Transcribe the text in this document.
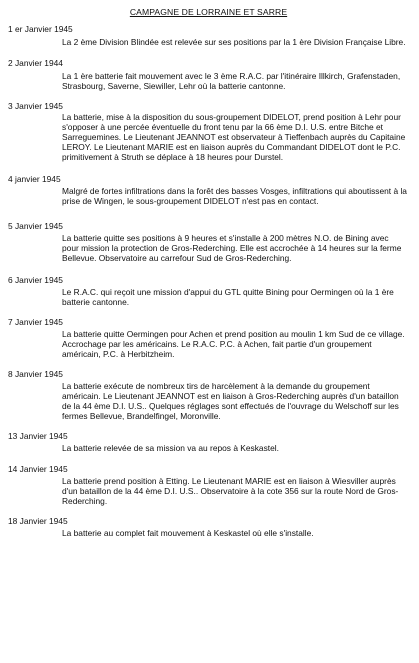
CAMPAGNE DE LORRAINE ET SARRE
1 er Janvier 1945
La 2 ème Division Blindée est relevée sur ses positions par la 1 ère Division Française Libre.
2 Janvier 1944
La 1 ère batterie fait mouvement avec le 3 ème R.A.C. par l'itinéraire Illkirch, Grafenstaden, Strasbourg, Saverne, Siewiller, Lehr où la batterie cantonne.
3 Janvier 1945
La batterie, mise à la disposition du sous-groupement DIDELOT, prend position à Lehr pour s'opposer à une percée éventuelle du front tenu par la 66 ème D.I. U.S. entre Bitche et Sarreguemines. Le Lieutenant JEANNOT est observateur à Tieffenbach auprès du Capitaine LEROY. Le Lieutenant MARIE est en liaison auprès du Commandant DIDELOT dont le P.C. primitivement à Struth se déplace à 18 heures pour Durstel.
4 janvier 1945
Malgré de fortes infiltrations dans la forêt des basses Vosges, infiltrations qui aboutissent à la prise de Wingen, le sous-groupement DIDELOT n'est pas en contact.
5 Janvier 1945
La batterie quitte ses positions à 9 heures et s'installe à 200 mètres N.O. de Bining avec pour mission la protection de Gros-Rederching. Elle est accrochée à 14 heures sur la ferme Bellevue. Observatoire au carrefour Sud de Gros-Rederching.
6 Janvier 1945
Le R.A.C. qui reçoit une mission d'appui du GTL quitte Bining pour Oermingen où la 1 ère batterie cantonne.
7 Janvier 1945
La batterie quitte Oermingen pour Achen et prend position au moulin 1 km Sud de ce village. Accrochage par les américains. Le R.A.C. P.C. à Achen, fait partie d'un groupement américain, P.C. à Herbitzheim.
8 Janvier 1945
La batterie exécute de nombreux tirs de harcèlement à la demande du groupement américain. Le Lieutenant JEANNOT est en liaison à Gros-Rederching auprès d'un bataillon de la 44 ème D.I. U.S.. Quelques réglages sont effectués de l'ouvrage du Welschoff sur les fermes Bellevue, Brandelfingel, Moronville.
13 Janvier 1945
La batterie relevée de sa mission va au repos à Keskastel.
14 Janvier 1945
La batterie prend position à Etting. Le Lieutenant MARIE est en liaison à Wiesviller auprès d'un bataillon de la 44 ème D.I. U.S.. Observatoire à la cote 356 sur la route Nord de Gros-Rederching.
18 Janvier 1945
La batterie au complet fait mouvement à Keskastel où elle s'installe.
